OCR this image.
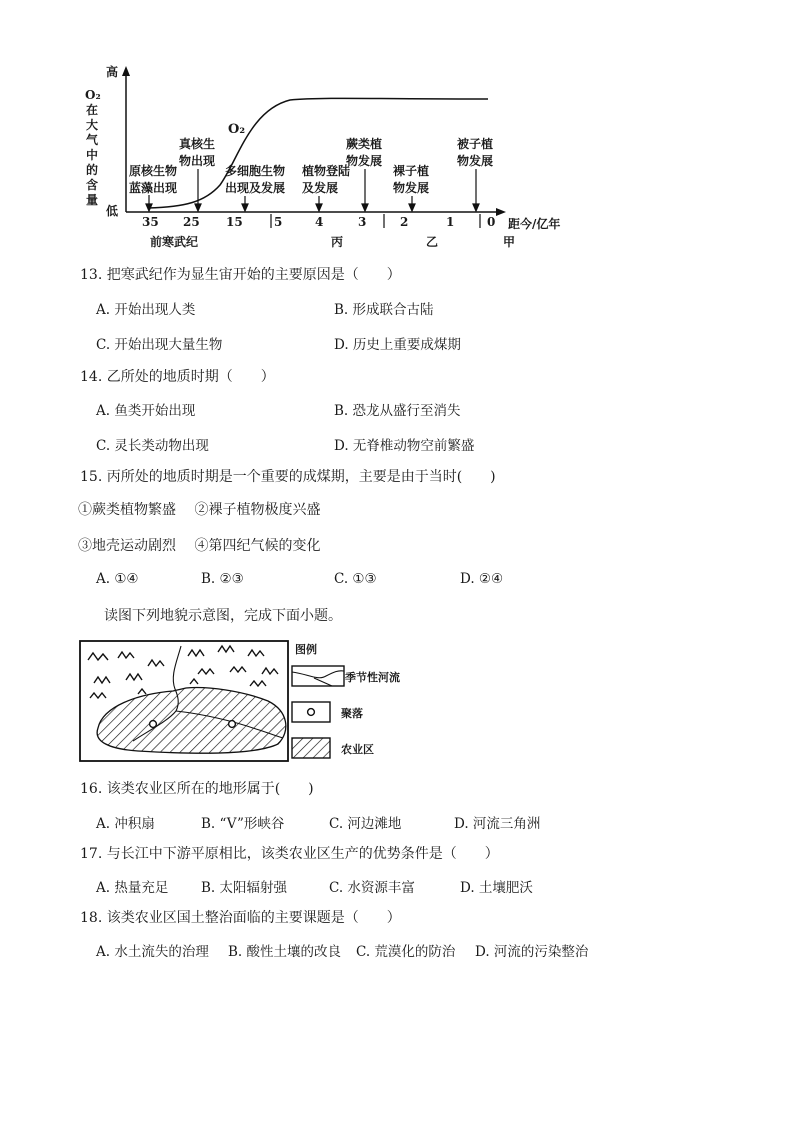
高
低
O₂在大气中的含量
O₂
原核生物
蓝藻出现
真核生
物出现
多细胞生物
出现及发展
植物登陆
及发展
蕨类植
物发展
裸子植
物发展
被子植
物发展
35 25 15	5	4	3	2	1	0 距今/亿年
前寒武纪	丙	乙	甲
13. 把寒武纪作为显生宙开始的主要原因是（　　）
A. 开始出现人类	B. 形成联合古陆
C. 开始出现大量生物	D. 历史上重要成煤期
14. 乙所处的地质时期（　　）
A. 鱼类开始出现	B. 恐龙从盛行至消失
C. 灵长类动物出现	D. 无脊椎动物空前繁盛
15. 丙所处的地质时期是一个重要的成煤期，主要是由于当时(　　)
①蕨类植物繁盛　 ②裸子植物极度兴盛
③地壳运动剧烈　 ④第四纪气候的变化
A. ①④	B. ②③	C. ①③	D. ②④
读图下列地貌示意图，完成下面小题。
图例
季节性河流
聚落
农业区
16. 该类农业区所在的地形属于(　　)
A. 冲积扇	B. “V”形峡谷	C. 河边滩地	D. 河流三角洲
17. 与长江中下游平原相比，该类农业区生产的优势条件是（　　）
A. 热量充足 B. 太阳辐射强	C. 水资源丰富	D. 土壤肥沃
18. 该类农业区国土整治面临的主要课题是（　　）
A. 水土流失的治理 B. 酸性土壤的改良 C. 荒漠化的防治 D. 河流的污染整治
